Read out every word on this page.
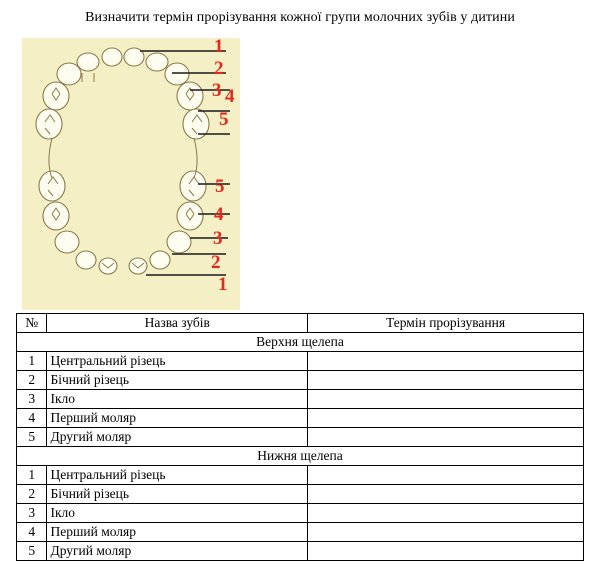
Визначити термін прорізування кожної групи молочних зубів у дитини
1
2
3 4
5
5
4
3
2
1
№	Назва зубів	Термін прорізування
Верхня щелепа		
1	Центральний різець	
2	Бічний різець	
3	Ікло	
4	Перший моляр	
5	Другий моляр	
Нижня щелепа		
1	Центральний різець	
2	Бічний різець	
3	Ікло	
4	Перший моляр	
5	Другий моляр	
